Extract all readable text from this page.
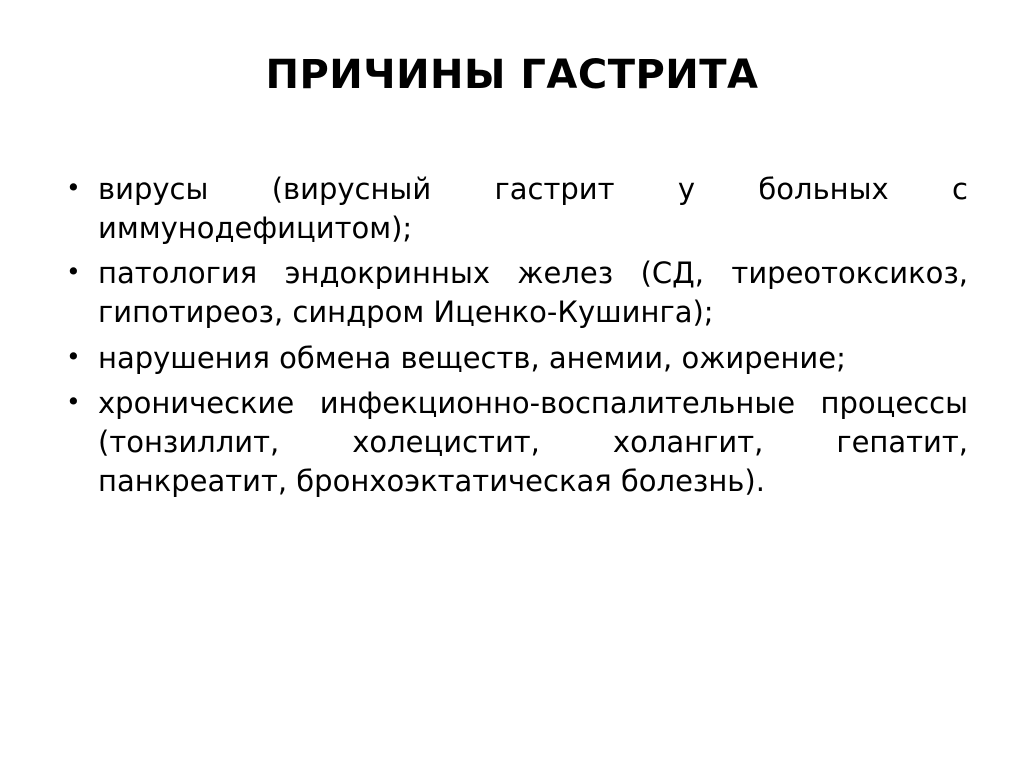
ПРИЧИНЫ ГАСТРИТА
• вирусы (вирусный гастрит у больных с иммунодефицитом);
• патология эндокринных желез (СД, тиреотоксикоз, гипотиреоз, синдром Иценко-Кушинга);
• нарушения обмена веществ, анемии, ожирение;
• хронические инфекционно-воспалительные процессы (тонзиллит, холецистит, холангит, гепатит, панкреатит, бронхоэктатическая болезнь).
